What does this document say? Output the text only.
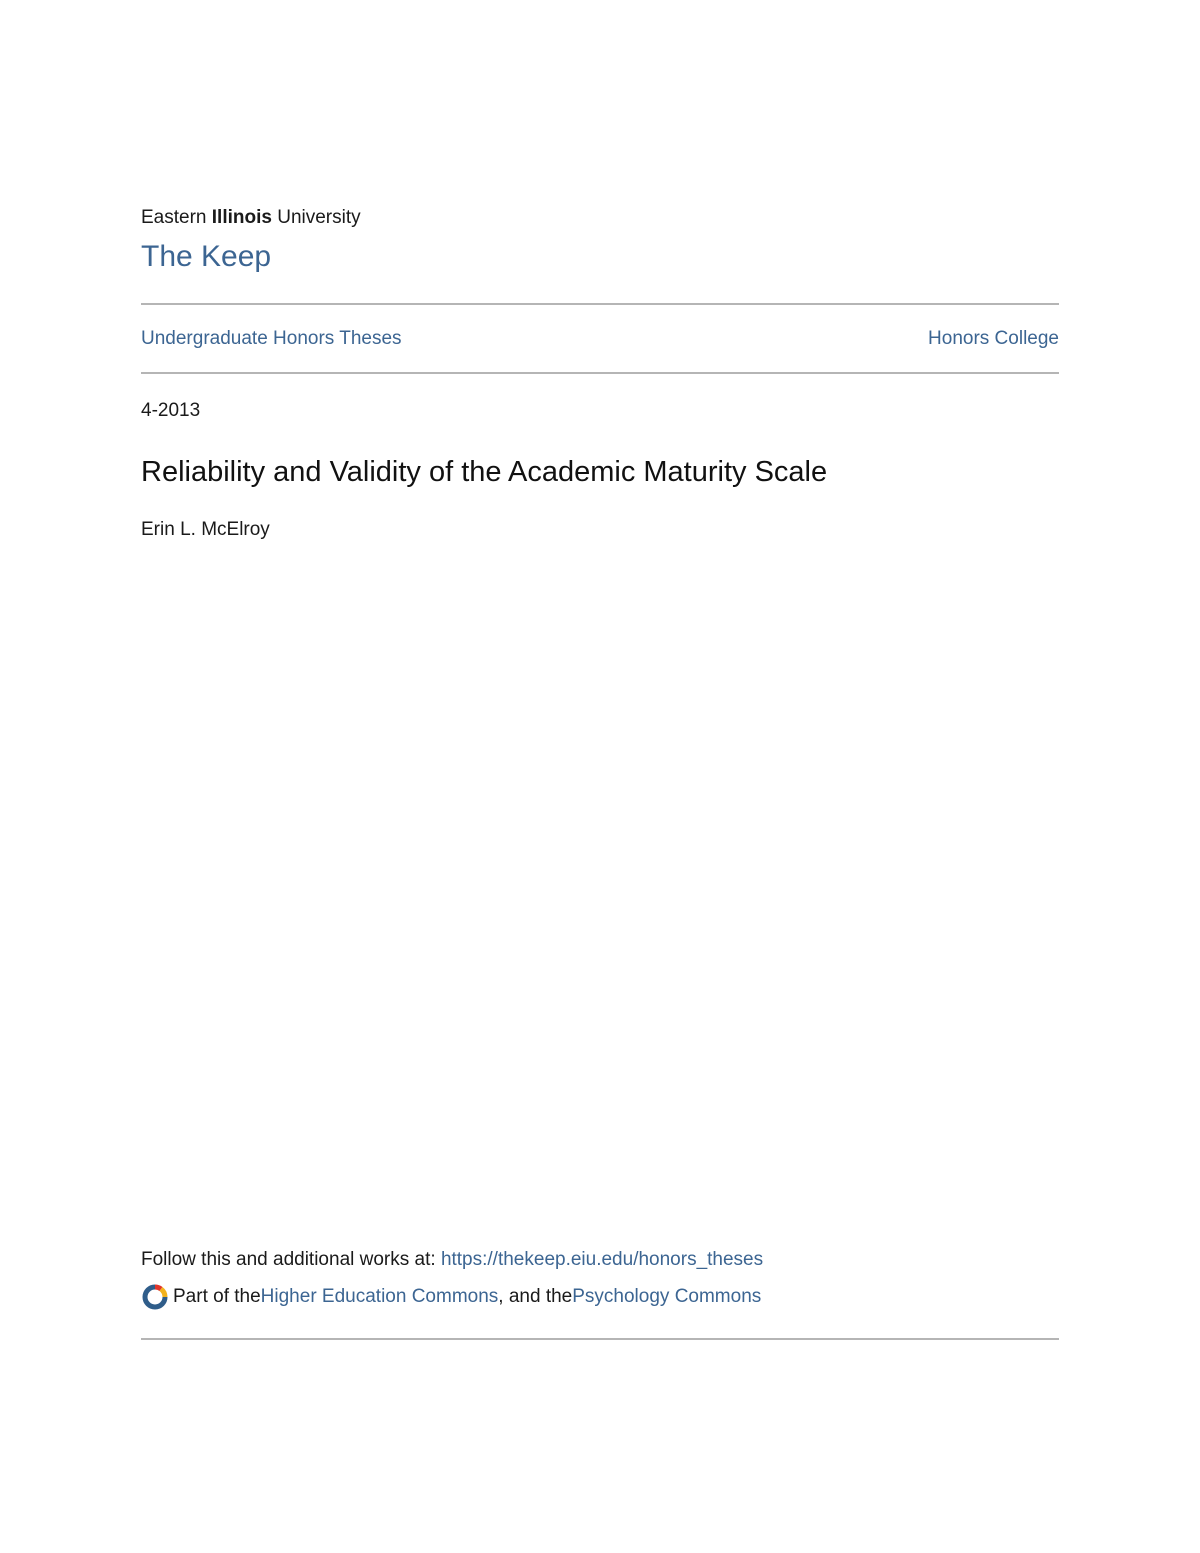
Eastern Illinois University
The Keep
Undergraduate Honors Theses	Honors College
4-2013
Reliability and Validity of the Academic Maturity Scale
Erin L. McElroy
Follow this and additional works at: https://thekeep.eiu.edu/honors_theses
Part of the Higher Education Commons , and the Psychology Commons
